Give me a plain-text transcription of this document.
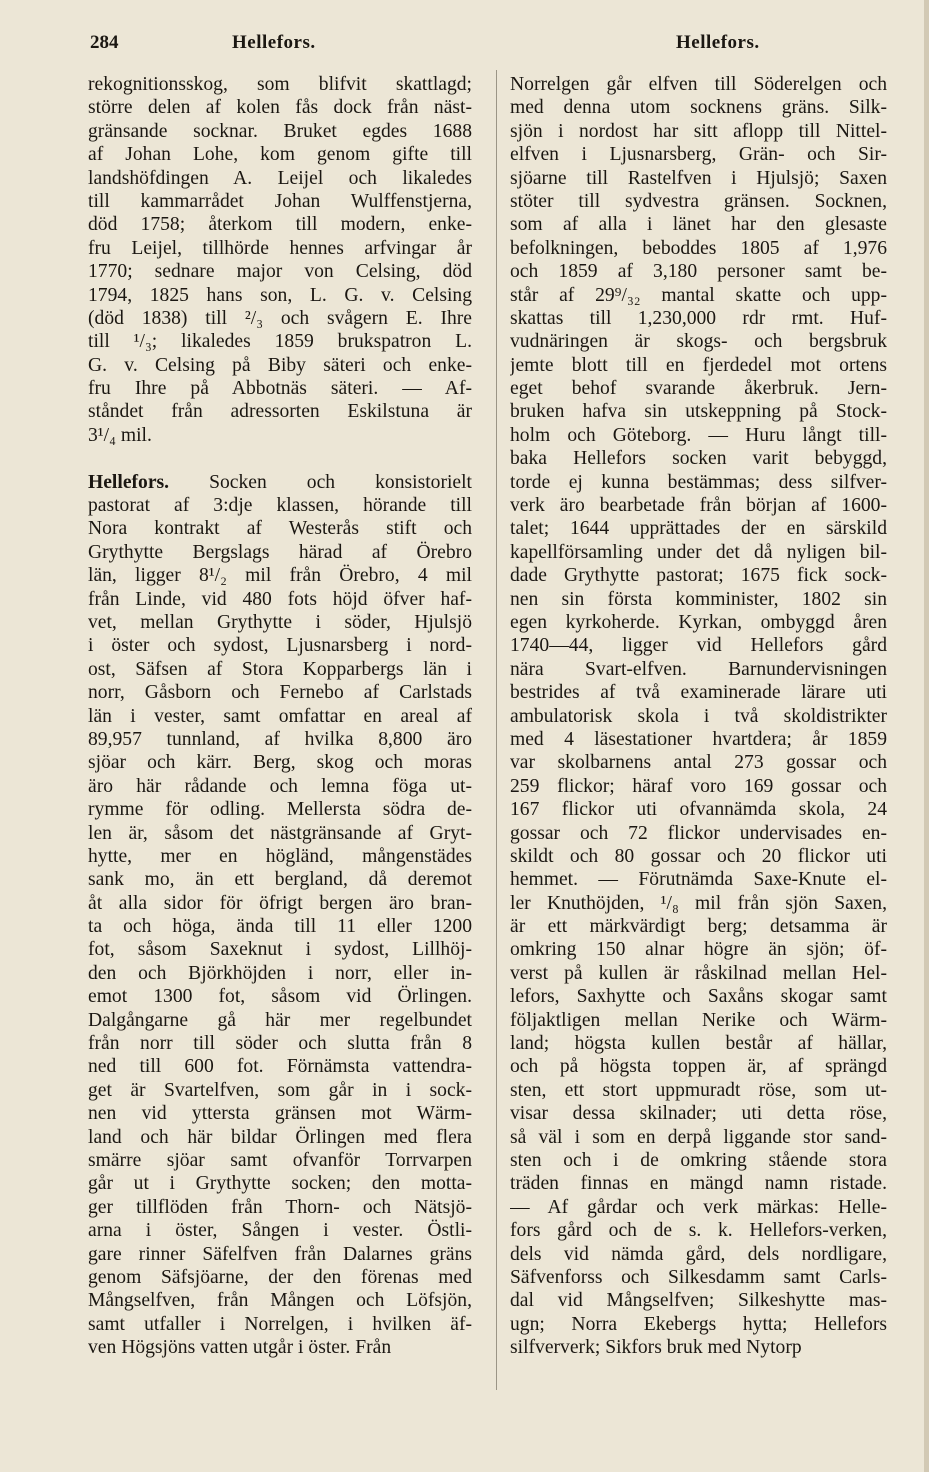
284	Hellefors.	Hellefors.
rekognitionsskog, som blifvit skattlagd;
större delen af kolen fås dock från näst-
gränsande socknar. Bruket egdes 1688
af Johan Lohe, kom genom gifte till
landshöfdingen A. Leijel och likaledes
till kammarrådet Johan Wulffenstjerna,
död 1758; återkom till modern, enke-
fru Leijel, tillhörde hennes arfvingar år
1770; sednare major von Celsing, död
1794, 1825 hans son, L. G. v. Celsing
(död 1838) till ²/₃ och svågern E. Ihre
till ¹/₃; likaledes 1859 brukspatron L.
G. v. Celsing på Biby säteri och enke-
fru Ihre på Abbotnäs säteri. — Af-
ståndet från adressorten Eskilstuna är
3¹/₄ mil.
Hellefors. Socken och konsistorielt
pastorat af 3:dje klassen, hörande till
Nora kontrakt af Westerås stift och
Grythytte Bergslags härad af Örebro
län, ligger 8¹/₂ mil från Örebro, 4 mil
från Linde, vid 480 fots höjd öfver haf-
vet, mellan Grythytte i söder, Hjulsjö
i öster och sydost, Ljusnarsberg i nord-
ost, Säfsen af Stora Kopparbergs län i
norr, Gåsborn och Fernebo af Carlstads
län i vester, samt omfattar en areal af
89,957 tunnland, af hvilka 8,800 äro
sjöar och kärr. Berg, skog och moras
äro här rådande och lemna föga ut-
rymme för odling. Mellersta södra de-
len är, såsom det nästgränsande af Gryt-
hytte, mer en högländ, mångenstädes
sank mo, än ett bergland, då deremot
åt alla sidor för öfrigt bergen äro bran-
ta och höga, ända till 11 eller 1200
fot, såsom Saxeknut i sydost, Lillhöj-
den och Björkhöjden i norr, eller in-
emot 1300 fot, såsom vid Örlingen.
Dalgångarne gå här mer regelbundet
från norr till söder och slutta från 8
ned till 600 fot. Förnämsta vattendra-
get är Svartelfven, som går in i sock-
nen vid yttersta gränsen mot Wärm-
land och här bildar Örlingen med flera
smärre sjöar samt ofvanför Torrvarpen
går ut i Grythytte socken; den motta-
ger tillflöden från Thorn- och Nätsjö-
arna i öster, Sången i vester. Östli-
gare rinner Säfelfven från Dalarnes gräns
genom Säfsjöarne, der den förenas med
Mångselfven, från Mången och Löfsjön,
samt utfaller i Norrelgen, i hvilken äf-
ven Högsjöns vatten utgår i öster. Från
Norrelgen går elfven till Söderelgen och
med denna utom socknens gräns. Silk-
sjön i nordost har sitt aflopp till Nittel-
elfven i Ljusnarsberg, Grän- och Sir-
sjöarne till Rastelfven i Hjulsjö; Saxen
stöter till sydvestra gränsen. Socknen,
som af alla i länet har den glesaste
befolkningen, beboddes 1805 af 1,976
och 1859 af 3,180 personer samt be-
står af 29⁹/₃₂ mantal skatte och upp-
skattas till 1,230,000 rdr rmt. Huf-
vudnäringen är skogs- och bergsbruk
jemte blott till en fjerdedel mot ortens
eget behof svarande åkerbruk. Jern-
bruken hafva sin utskeppning på Stock-
holm och Göteborg. — Huru långt till-
baka Hellefors socken varit bebyggd,
torde ej kunna bestämmas; dess silfver-
verk äro bearbetade från början af 1600-
talet; 1644 upprättades der en särskild
kapellförsamling under det då nyligen bil-
dade Grythytte pastorat; 1675 fick sock-
nen sin första komminister, 1802 sin
egen kyrkoherde. Kyrkan, ombyggd åren
1740—44, ligger vid Hellefors gård
nära Svart-elfven. Barnundervisningen
bestrides af två examinerade lärare uti
ambulatorisk skola i två skoldistrikter
med 4 läsestationer hvartdera; år 1859
var skolbarnens antal 273 gossar och
259 flickor; häraf voro 169 gossar och
167 flickor uti ofvannämda skola, 24
gossar och 72 flickor undervisades en-
skildt och 80 gossar och 20 flickor uti
hemmet. — Förutnämda Saxe-Knute el-
ler Knuthöjden, ¹/₈ mil från sjön Saxen,
är ett märkvärdigt berg; detsamma är
omkring 150 alnar högre än sjön; öf-
verst på kullen är råskilnad mellan Hel-
lefors, Saxhytte och Saxåns skogar samt
följaktligen mellan Nerike och Wärm-
land; högsta kullen består af hällar,
och på högsta toppen är, af sprängd
sten, ett stort uppmuradt röse, som ut-
visar dessa skilnader; uti detta röse,
så väl i som en derpå liggande stor sand-
sten och i de omkring stående stora
träden finnas en mängd namn ristade.
— Af gårdar och verk märkas: Helle-
fors gård och de s. k. Hellefors-verken,
dels vid nämda gård, dels nordligare,
Säfvenforss och Silkesdamm samt Carls-
dal vid Mångselfven; Silkeshytte mas-
ugn; Norra Ekebergs hytta; Hellefors
silfververk; Sikfors bruk med Nytorp
